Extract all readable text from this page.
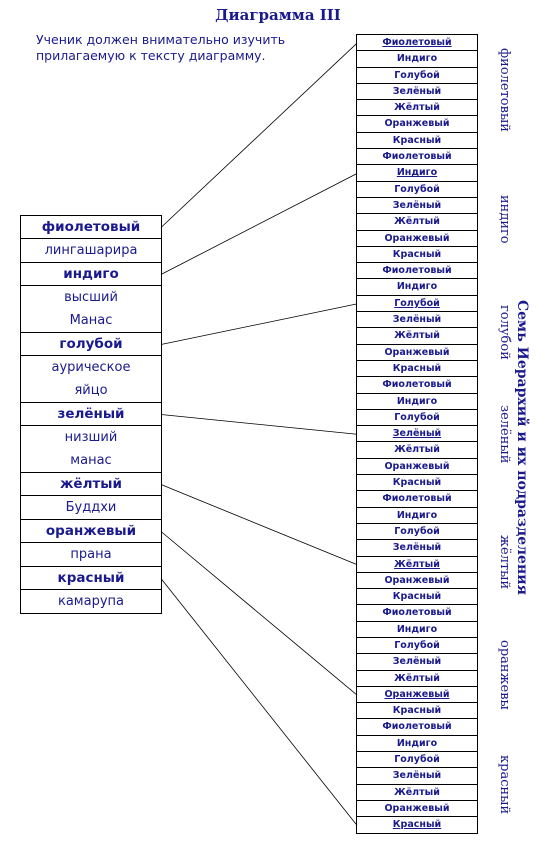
Диаграмма III
Ученик должен внимательно изучить прилагаемую к тексту диаграмму.
фиолетовый
лингашарира
индиго
высший
Манас
голубой
аурическое
яйцо
зелёный
низший
манас
жёлтый
Буддхи
оранжевый
прана
красный
камарупа
Фиолетовый
Индиго
Голубой
Зелёный
Жёлтый
Оранжевый
Красный
Фиолетовый
Индиго
Голубой
Зелёный
Жёлтый
Оранжевый
Красный
Фиолетовый
Индиго
Голубой
Зелёный
Жёлтый
Оранжевый
Красный
Фиолетовый
Индиго
Голубой
Зелёный
Жёлтый
Оранжевый
Красный
Фиолетовый
Индиго
Голубой
Зелёный
Жёлтый
Оранжевый
Красный
Фиолетовый
Индиго
Голубой
Зелёный
Жёлтый
Оранжевый
Красный
Фиолетовый
Индиго
Голубой
Зелёный
Жёлтый
Оранжевый
Красный
фиолетовый
индиго
голубой
зелёный
жёлтый
оранжевы
красный
Семь Иерархий и их подразделения
